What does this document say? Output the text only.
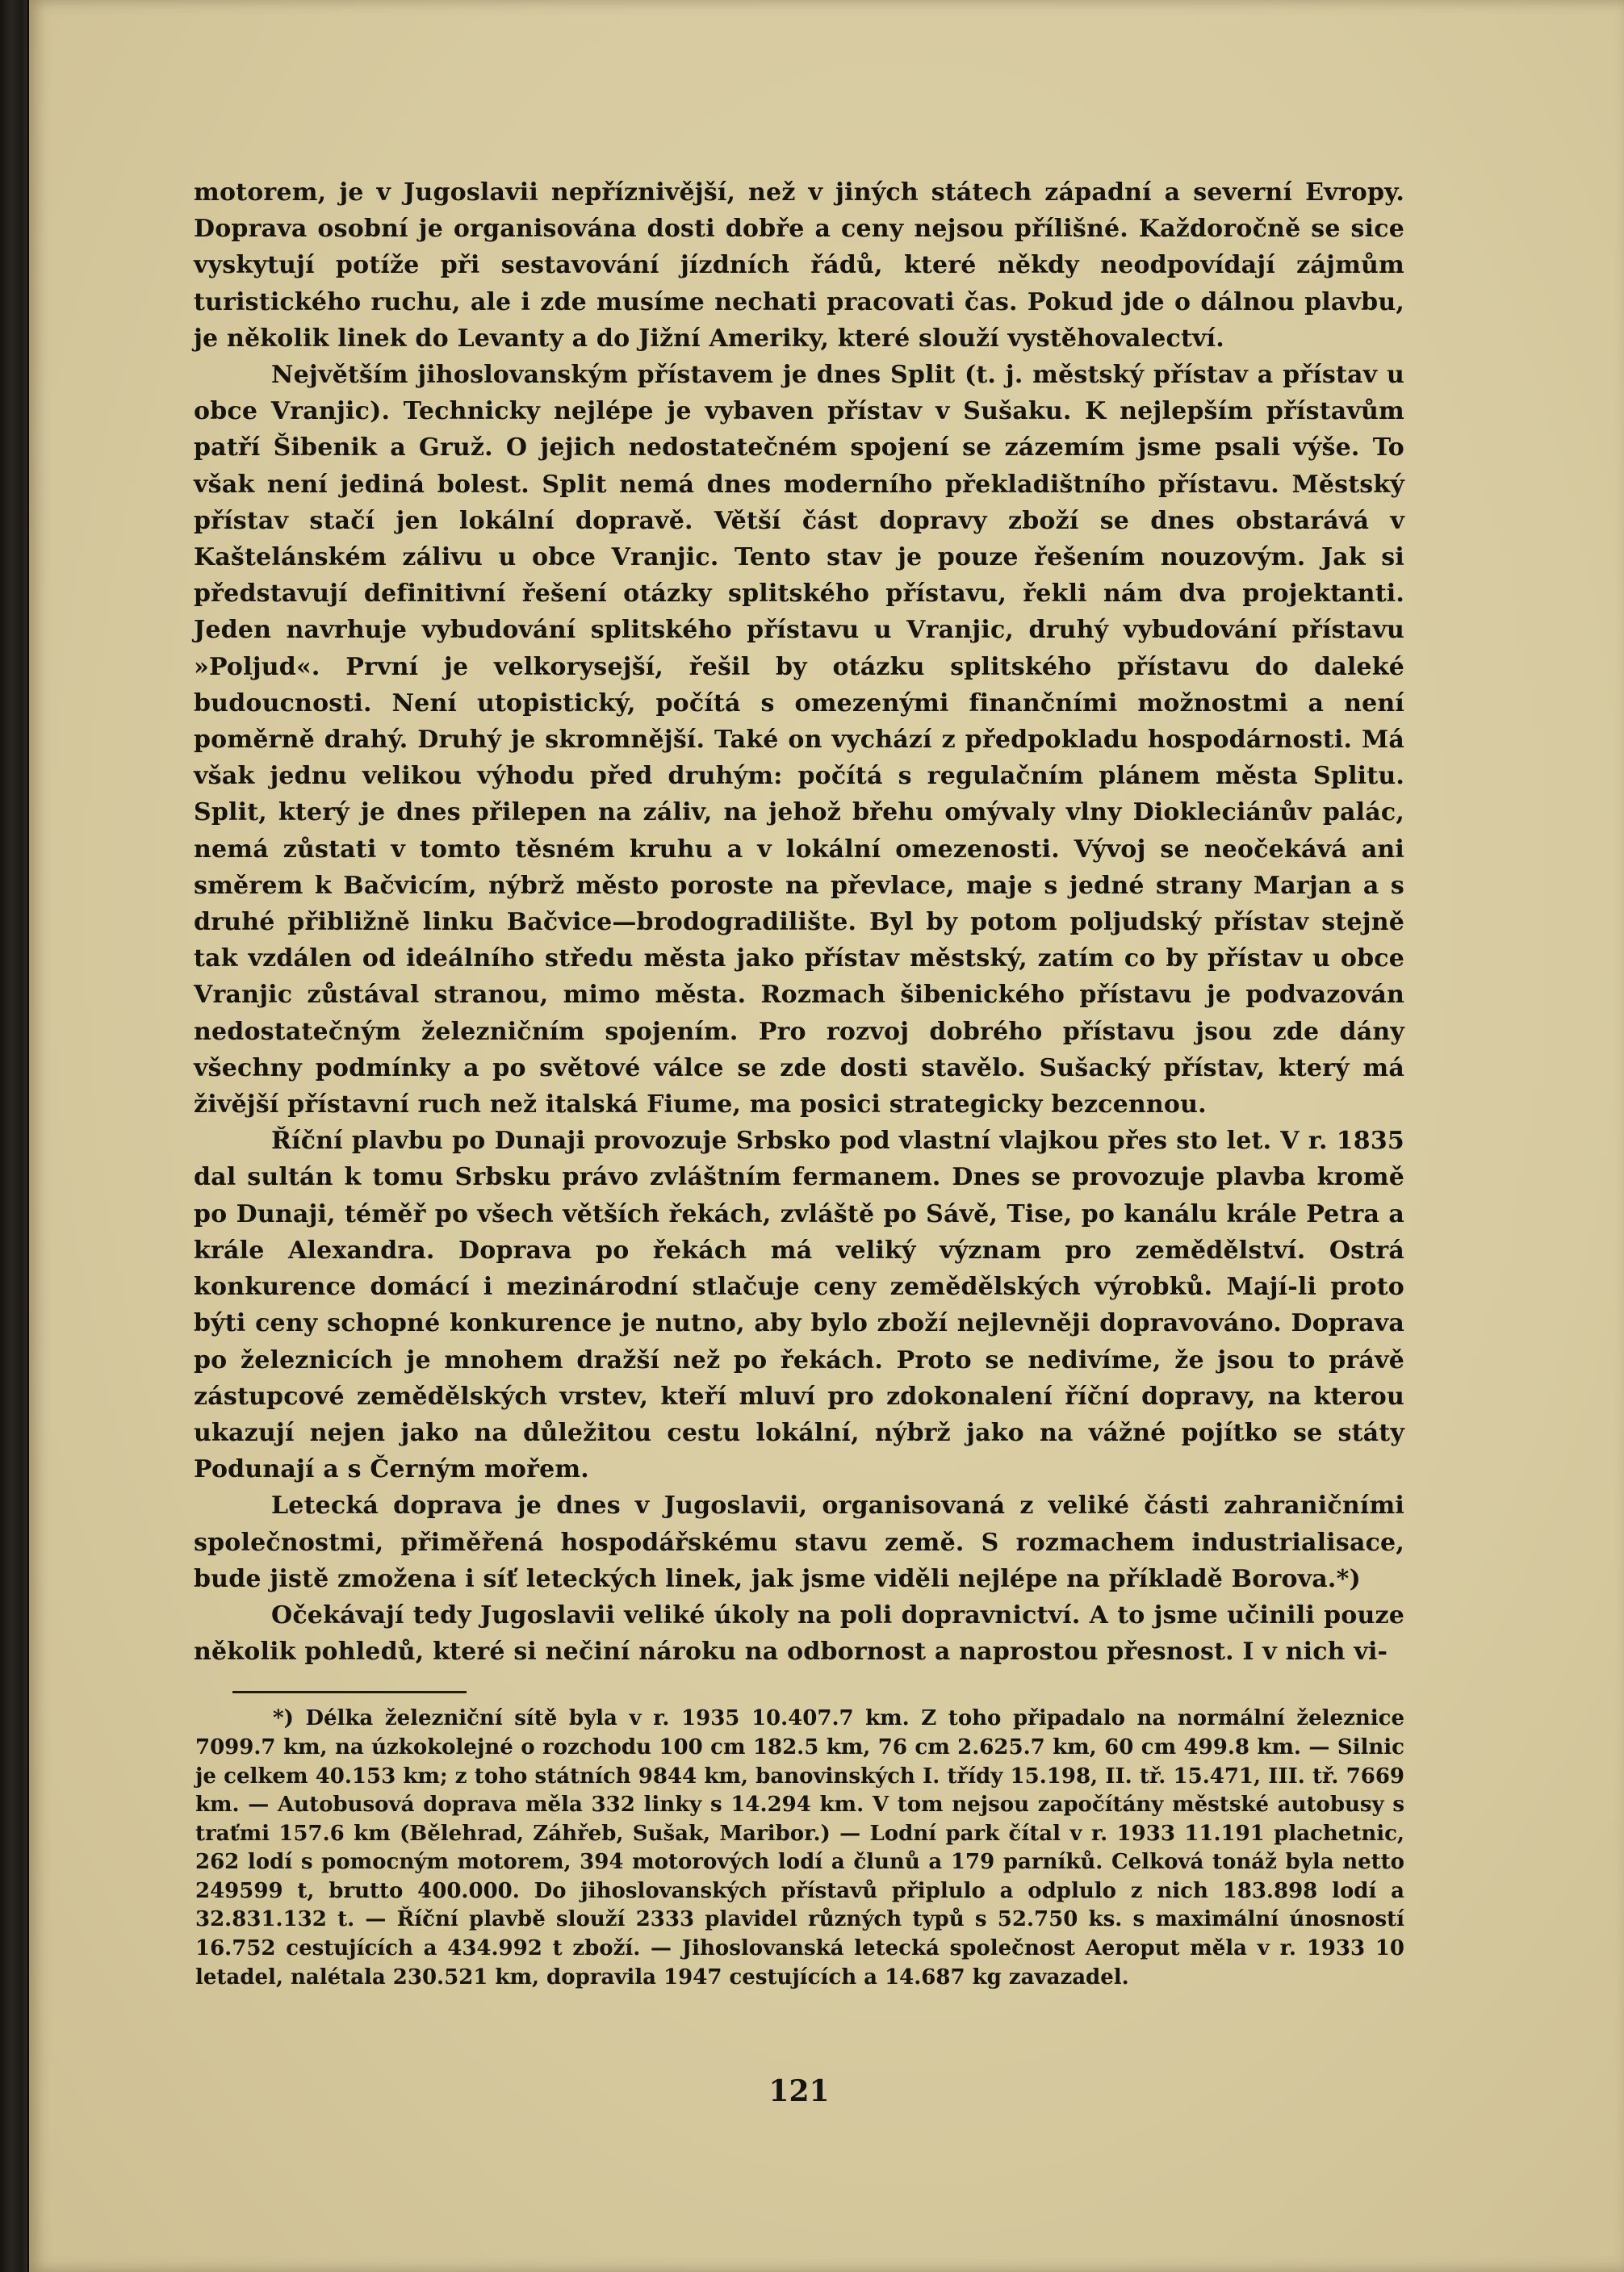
motorem, je v Jugoslavii nepříznivější, než v jiných státech západní a severní Evropy. Doprava osobní je organisována dosti dobře a ceny nejsou přílišné. Každoročně se sice vyskytují potíže při sestavování jízdních řádů, které někdy neodpovídají zájmům turistického ruchu, ale i zde musíme nechati pracovati čas. Pokud jde o dálnou plavbu, je několik linek do Levanty a do Jižní Ameriky, které slouží vystěhovalectví.

Největším jihoslovanským přístavem je dnes Split (t. j. městský přístav a přístav u obce Vranjic). Technicky nejlépe je vybaven přístav v Sušaku. K nejlepším přístavům patří Šibenik a Gruž. O jejich nedostatečném spojení se zázemím jsme psali výše. To však není jediná bolest. Split nemá dnes moderního překladištního přístavu. Městský přístav stačí jen lokální dopravě. Větší část dopravy zboží se dnes obstarává v Kaštelánském zálivu u obce Vranjic. Tento stav je pouze řešením nouzovým. Jak si představují definitivní řešení otázky splitského přístavu, řekli nám dva projektanti. Jeden navrhuje vybudování splitského přístavu u Vranjic, druhý vybudování přístavu »Poljud«. První je velkorysejší, řešil by otázku splitského přístavu do daleké budoucnosti. Není utopistický, počítá s omezenými finančními možnostmi a není poměrně drahý. Druhý je skromnější. Také on vychází z předpokladu hospodárnosti. Má však jednu velikou výhodu před druhým: počítá s regulačním plánem města Splitu. Split, který je dnes přilepen na záliv, na jehož břehu omývaly vlny Diokleciánův palác, nemá zůstati v tomto těsném kruhu a v lokální omezenosti. Vývoj se neočekává ani směrem k Bačvicím, nýbrž město poroste na převlace, maje s jedné strany Marjan a s druhé přibližně linku Bačvice—brodogradilište. Byl by potom poljudský přístav stejně tak vzdálen od ideálního středu města jako přístav městský, zatím co by přístav u obce Vranjic zůstával stranou, mimo města. Rozmach šibenického přístavu je podvazován nedostatečným železničním spojením. Pro rozvoj dobrého přístavu jsou zde dány všechny podmínky a po světové válce se zde dosti stavělo. Sušacký přístav, který má živější přístavní ruch než italská Fiume, ma posici strategicky bezcennou.

Říční plavbu po Dunaji provozuje Srbsko pod vlastní vlajkou přes sto let. V r. 1835 dal sultán k tomu Srbsku právo zvláštním fermanem. Dnes se provozuje plavba kromě po Dunaji, téměř po všech větších řekách, zvláště po Sávě, Tise, po kanálu krále Petra a krále Alexandra. Doprava po řekách má veliký význam pro zemědělství. Ostrá konkurence domácí i mezinárodní stlačuje ceny zemědělských výrobků. Mají-li proto býti ceny schopné konkurence je nutno, aby bylo zboží nejlevněji dopravováno. Doprava po železnicích je mnohem dražší než po řekách. Proto se nedivíme, že jsou to právě zástupcové zemědělských vrstev, kteří mluví pro zdokonalení říční dopravy, na kterou ukazují nejen jako na důležitou cestu lokální, nýbrž jako na vážné pojítko se státy Podunají a s Černým mořem.

Letecká doprava je dnes v Jugoslavii, organisovaná z veliké části zahraničními společnostmi, přiměřená hospodářskému stavu země. S rozmachem industrialisace, bude jistě zmožena i síť leteckých linek, jak jsme viděli nejlépe na příkladě Borova.*)

Očekávají tedy Jugoslavii veliké úkoly na poli dopravnictví. A to jsme učinili pouze několik pohledů, které si nečiní nároku na odbornost a naprostou přesnost. I v nich vi-

*) Délka železniční sítě byla v r. 1935 10.407.7 km. Z toho připadalo na normální železnice 7099.7 km, na úzkokolejné o rozchodu 100 cm 182.5 km, 76 cm 2.625.7 km, 60 cm 499.8 km. — Silnic je celkem 40.153 km; z toho státních 9844 km, banovinských I. třídy 15.198, II. tř. 15.471, III. tř. 7669 km. — Autobusová doprava měla 332 linky s 14.294 km. V tom nejsou započítány městské autobusy s traťmi 157.6 km (Bělehrad, Záhřeb, Sušak, Maribor.) — Lodní park čítal v r. 1933 11.191 plachetnic, 262 lodí s pomocným motorem, 394 motorových lodí a člunů a 179 parníků. Celková tonáž byla netto 249599 t, brutto 400.000. Do jihoslovanských přístavů připlulo a odplulo z nich 183.898 lodí a 32.831.132 t. — Říční plavbě slouží 2333 plavidel různých typů s 52.750 ks. s maximální únosností 16.752 cestujících a 434.992 t zboží. — Jihoslovanská letecká společnost Aeroput měla v r. 1933 10 letadel, nalétala 230.521 km, dopravila 1947 cestujících a 14.687 kg zavazadel.

121
